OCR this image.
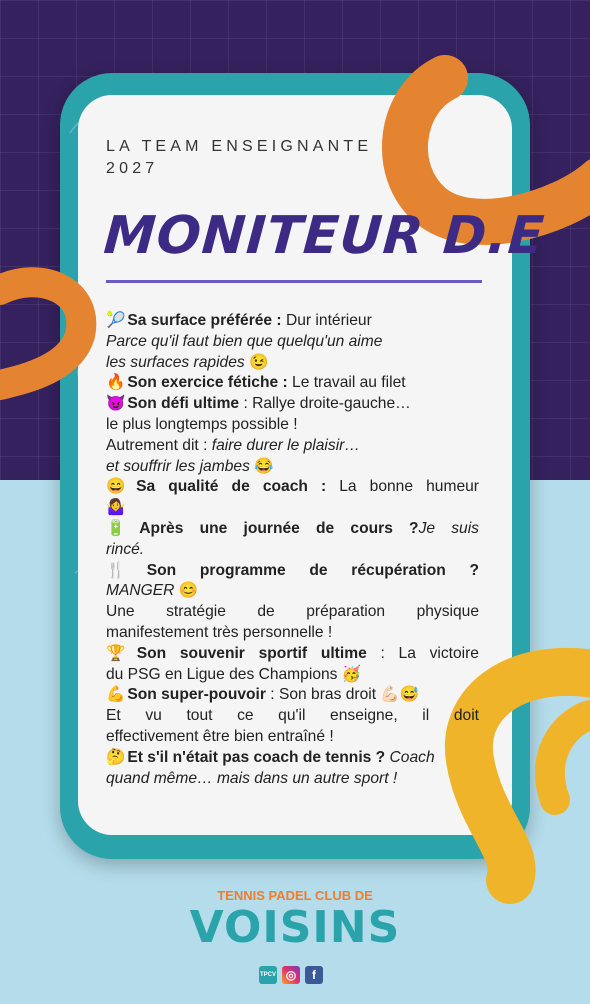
LA TEAM ENSEIGNANTE
2027
MONITEUR D.E

🎾 Sa surface préférée : Dur intérieur

Parce qu'il faut bien que quelqu'un aime

les surfaces rapides 😉

🔥 Son exercice fétiche : Le travail au filet

😈 Son défi ultime : Rallye droite-gauche…

le plus longtemps possible !

Autrement dit : faire durer le plaisir…

et souffrir les jambes 😂

😄 Sa qualité de coach : La bonne humeur

🤷‍♀️

🔋 Après une journée de cours ?Je suis

rincé.

🍴 Son programme de récupération ?

MANGER 😊

Une stratégie de préparation physique

manifestement très personnelle !

🏆 Son souvenir sportif ultime : La victoire

du PSG en Ligue des Champions 🥳

💪 Son super-pouvoir : Son bras droit 💪🏻😅

Et vu tout ce qu'il enseigne, il doit

effectivement être bien entraîné !

🤔 Et s'il n'était pas coach de tennis ? Coach

quand même… mais dans un autre sport !

TENNIS PADEL CLUB DE
VOISINS
TPCV ◎	f
